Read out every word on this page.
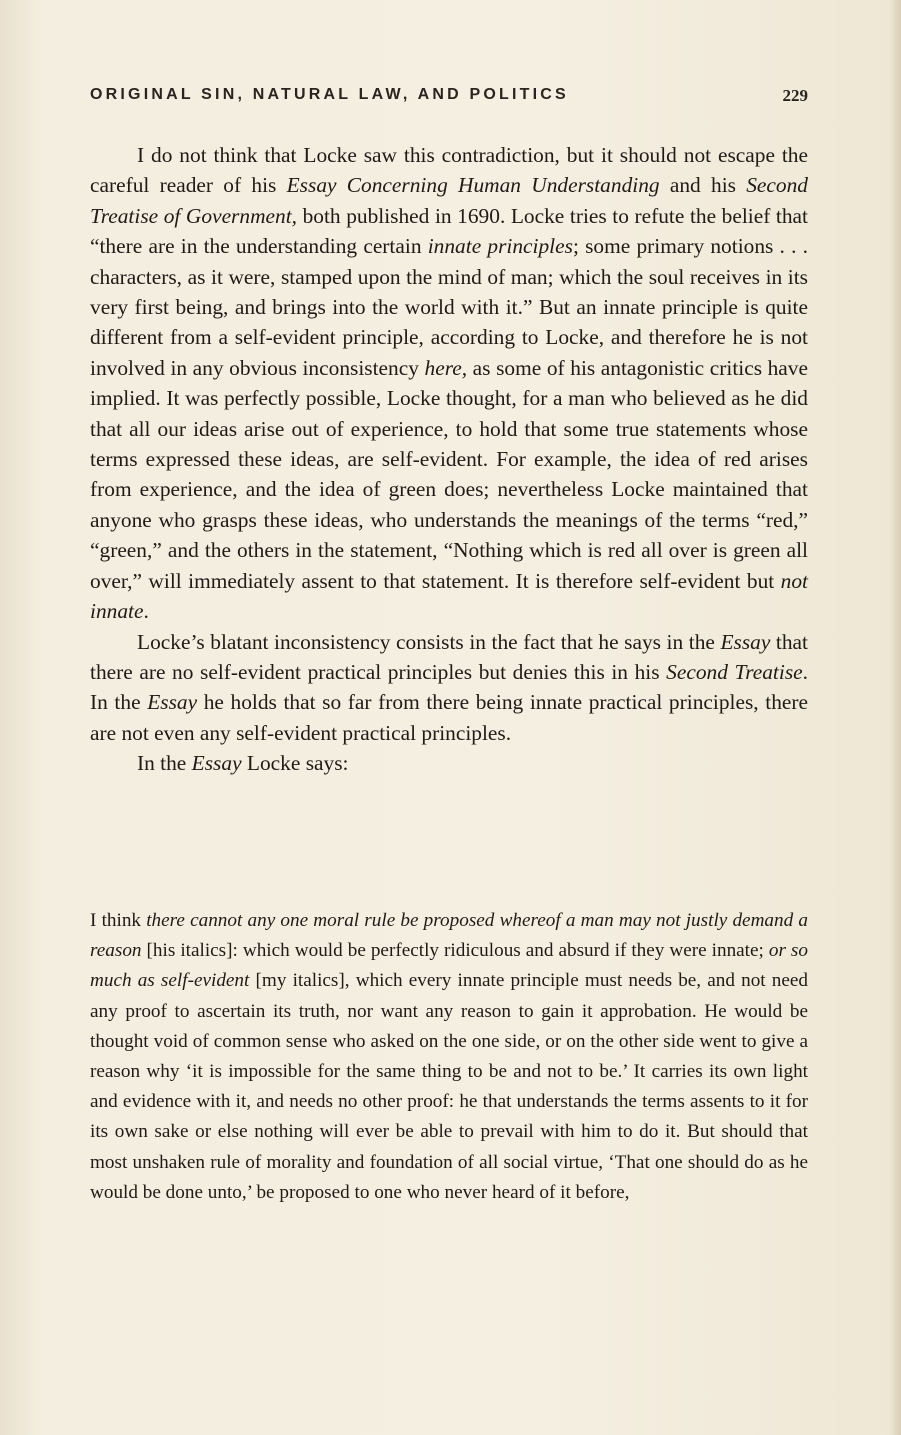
ORIGINAL SIN, NATURAL LAW, AND POLITICS	229

I do not think that Locke saw this contradiction, but it should not escape the careful reader of his Essay Concerning Human Understanding and his Second Treatise of Government, both published in 1690. Locke tries to refute the belief that “there are in the understanding certain innate principles; some primary notions . . . characters, as it were, stamped upon the mind of man; which the soul receives in its very first being, and brings into the world with it.” But an innate principle is quite different from a self-evident principle, according to Locke, and therefore he is not involved in any obvious inconsistency here, as some of his antagonistic critics have implied. It was perfectly possible, Locke thought, for a man who believed as he did that all our ideas arise out of experience, to hold that some true statements whose terms expressed these ideas, are self-evident. For example, the idea of red arises from experience, and the idea of green does; nevertheless Locke maintained that anyone who grasps these ideas, who understands the meanings of the terms “red,” “green,” and the others in the statement, “Nothing which is red all over is green all over,” will immediately assent to that statement. It is therefore self-evident but not innate.

Locke’s blatant inconsistency consists in the fact that he says in the Essay that there are no self-evident practical principles but denies this in his Second Treatise. In the Essay he holds that so far from there being innate practical principles, there are not even any self-evident practical principles.

In the Essay Locke says:

I think there cannot any one moral rule be proposed whereof a man may not justly demand a reason [his italics]: which would be perfectly ridiculous and absurd if they were innate; or so much as self-evident [my italics], which every innate principle must needs be, and not need any proof to ascertain its truth, nor want any reason to gain it approbation. He would be thought void of common sense who asked on the one side, or on the other side went to give a reason why ‘it is impossible for the same thing to be and not to be.’ It carries its own light and evidence with it, and needs no other proof: he that understands the terms assents to it for its own sake or else nothing will ever be able to prevail with him to do it. But should that most unshaken rule of morality and foundation of all social virtue, ‘That one should do as he would be done unto,’ be proposed to one who never heard of it before,
